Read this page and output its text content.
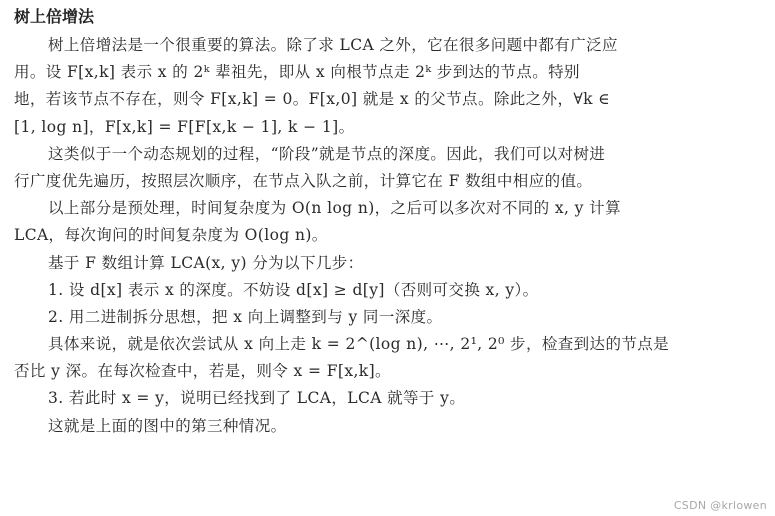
树上倍增法
树上倍增法是一个很重要的算法。除了求 LCA 之外，它在很多问题中都有广泛应
用。设 F[x,k] 表示 x 的 2ᵏ 辈祖先，即从 x 向根节点走 2ᵏ 步到达的节点。特别
地，若该节点不存在，则令 F[x,k] = 0。F[x,0] 就是 x 的父节点。除此之外，∀k ∈
[1, log n]，F[x,k] = F[F[x,k − 1], k − 1]。
这类似于一个动态规划的过程，“阶段”就是节点的深度。因此，我们可以对树进
行广度优先遍历，按照层次顺序，在节点入队之前，计算它在 F 数组中相应的值。
以上部分是预处理，时间复杂度为 O(n log n)，之后可以多次对不同的 x, y 计算
LCA，每次询问的时间复杂度为 O(log n)。
基于 F 数组计算 LCA(x, y) 分为以下几步：
1. 设 d[x] 表示 x 的深度。不妨设 d[x] ≥ d[y]（否则可交换 x, y）。
2. 用二进制拆分思想，把 x 向上调整到与 y 同一深度。
具体来说，就是依次尝试从 x 向上走 k = 2^(log n), ⋯, 2¹, 2⁰ 步，检查到达的节点是
否比 y 深。在每次检查中，若是，则令 x = F[x,k]。
3. 若此时 x = y，说明已经找到了 LCA，LCA 就等于 y。
这就是上面的图中的第三种情况。
CSDN @krlowen
